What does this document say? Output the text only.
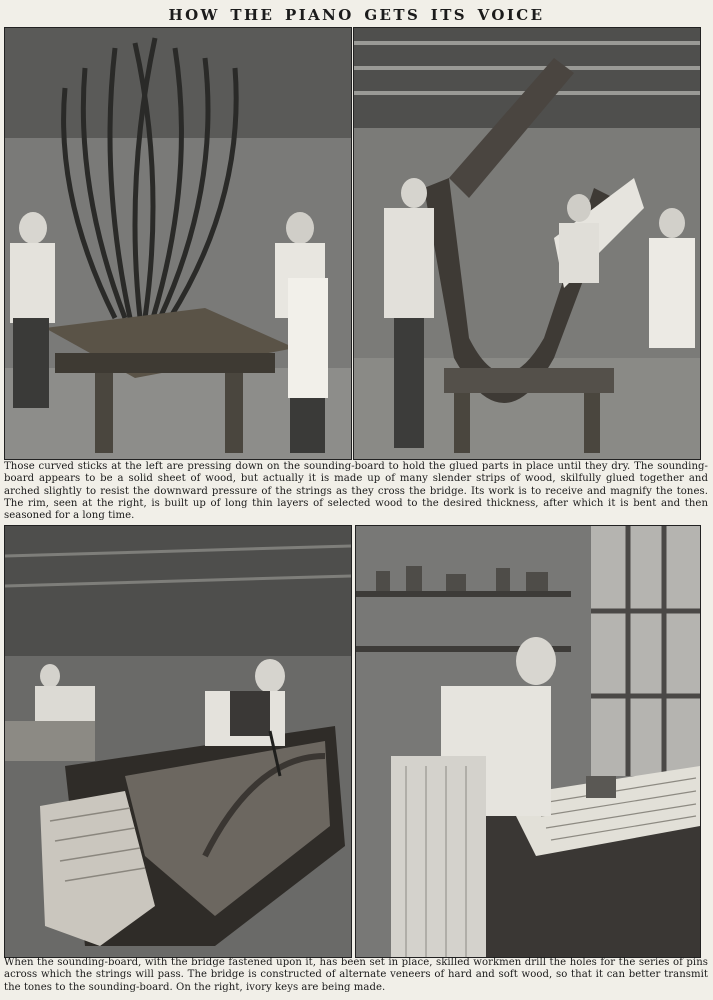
HOW THE PIANO GETS ITS VOICE
Those curved sticks at the left are pressing down on the sounding-board to hold the glued parts in place until they dry. The sounding-board appears to be a solid sheet of wood, but actually it is made up of many slender strips of wood, skilfully glued together and arched slightly to resist the downward pressure of the strings as they cross the bridge. Its work is to receive and magnify the tones. The rim, seen at the right, is built up of long thin layers of selected wood to the desired thickness, after which it is bent and then seasoned for a long time.
When the sounding-board, with the bridge fastened upon it, has been set in place, skilled workmen drill the holes for the series of pins across which the strings will pass. The bridge is constructed of alternate veneers of hard and soft wood, so that it can better transmit the tones to the sounding-board. On the right, ivory keys are being made.
